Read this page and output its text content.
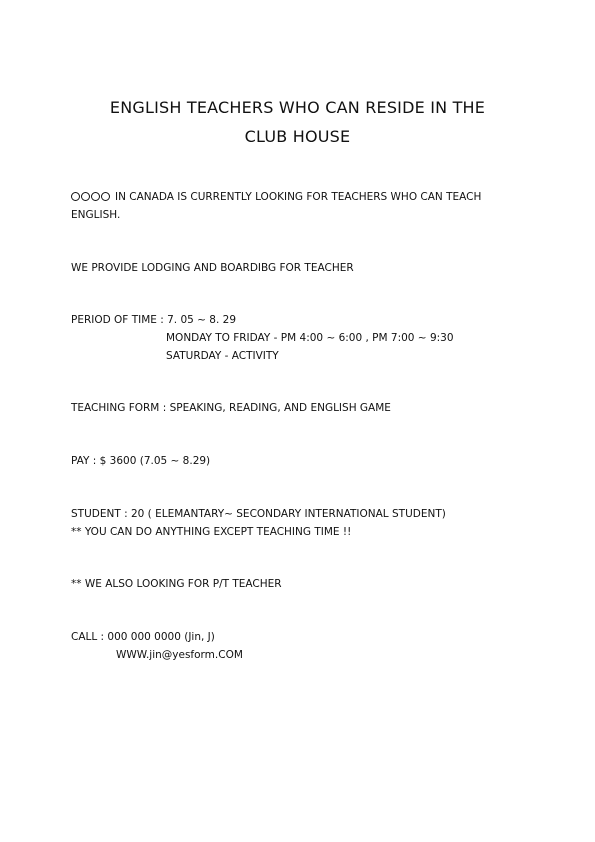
ENGLISH TEACHERS WHO CAN RESIDE IN THE
CLUB HOUSE
IN CANADA IS CURRENTLY LOOKING FOR TEACHERS WHO CAN TEACH
ENGLISH.
WE PROVIDE LODGING AND BOARDIBG FOR TEACHER
PERIOD OF TIME : 7. 05 ~ 8. 29
MONDAY TO FRIDAY - PM 4:00 ~ 6:00 , PM 7:00 ~ 9:30
SATURDAY - ACTIVITY
TEACHING FORM : SPEAKING, READING, AND ENGLISH GAME
PAY : $ 3600 (7.05 ~ 8.29)
STUDENT : 20 ( ELEMANTARY~ SECONDARY INTERNATIONAL STUDENT)
** YOU CAN DO ANYTHING EXCEPT TEACHING TIME !!
** WE ALSO LOOKING FOR P/T TEACHER
CALL : 000 000 0000 (Jin, J)
WWW.jin@yesform.COM
